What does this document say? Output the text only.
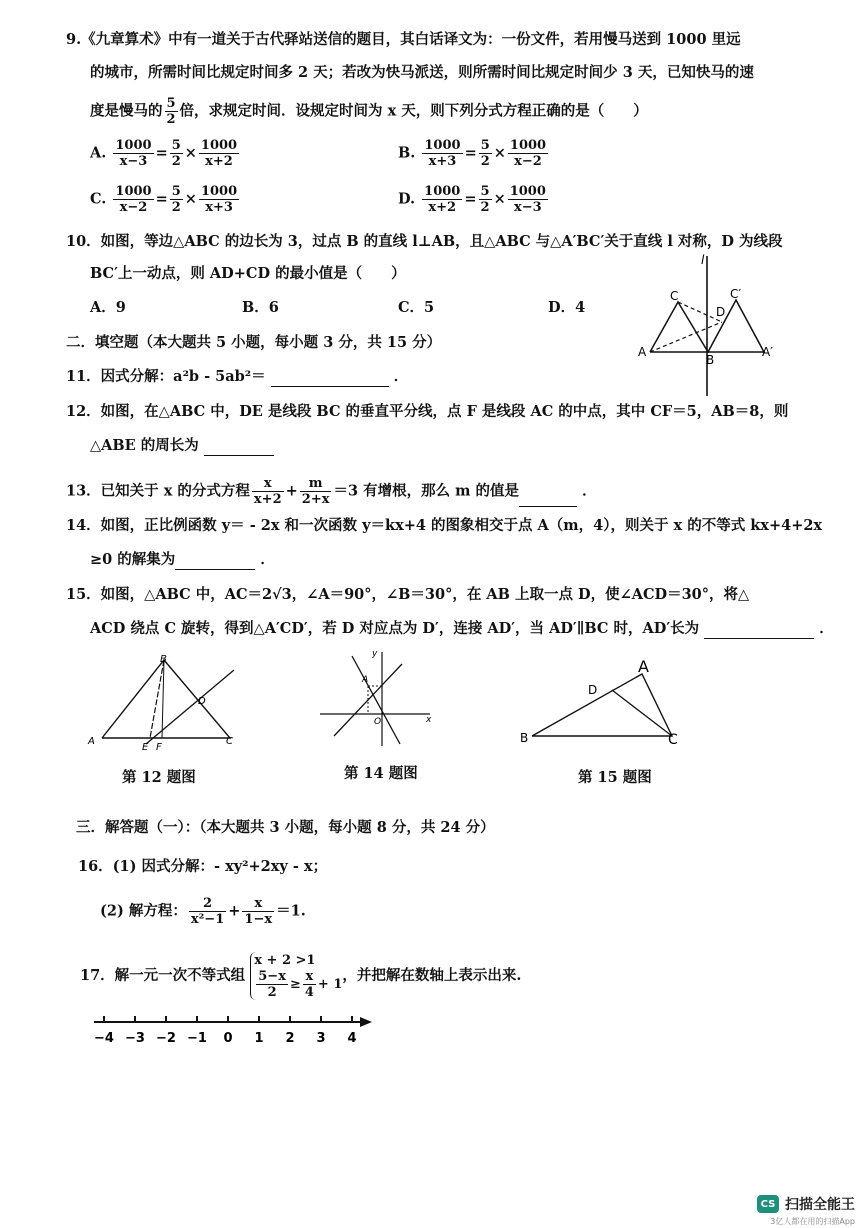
9.《九章算术》中有一道关于古代驿站送信的题目，其白话译文为：一份文件，若用慢马送到 1000 里远
的城市，所需时间比规定时间多 2 天；若改为快马派送，则所需时间比规定时间少 3 天，已知快马的速
度是慢马的 $\frac{5}{2}$ 倍，求规定时间．设规定时间为 x 天，则下列分式方程正确的是（　　）
A. $\frac{1000}{x-3} = \frac{5}{2} \times \frac{1000}{x+2}$	B. $\frac{1000}{x+3} = \frac{5}{2} \times \frac{1000}{x-2}$
C. $\frac{1000}{x-2} = \frac{5}{2} \times \frac{1000}{x+3}$	D. $\frac{1000}{x+2} = \frac{5}{2} \times \frac{1000}{x-3}$
10．如图，等边△ABC 的边长为 3，过点 B 的直线 l⊥AB，且△ABC 与△A′BC′关于直线 l 对称，D 为线段
BC′上一动点，则 AD+CD 的最小值是（　　）
A．9	B．6	C．5	D．4
l
C	C′
D
A
B
A′
二．填空题（本大题共 5 小题，每小题 3 分，共 15 分）
11．因式分解：a²b - 5ab²＝	．
12．如图，在△ABC 中，DE 是线段 BC 的垂直平分线，点 F 是线段 AC 的中点，其中 CF＝5，AB＝8，则
△ABE 的周长为
13．已知关于 x 的分式方程 $\frac{x}{x+2} + \frac{m}{2+x} =3$ 有增根，那么 m 的值是	．
14．如图，正比例函数 y＝ - 2x 和一次函数 y＝kx+4 的图象相交于点 A（m，4），则关于 x 的不等式 kx+4+2x
≥0 的解集为	．
15．如图，△ABC 中，AC＝2√3，∠A＝90°，∠B＝30°，在 AB 上取一点 D，使∠ACD＝30°，将△
ACD 绕点 C 旋转，得到△A′CD′，若 D 对应点为 D′，连接 AD′，当 AD′∥BC 时，AD′长为	．
B
D
A
E F
C
第 12 题图
y
A
O	x
第 14 题图
A
D
B	C
第 15 题图
三．解答题（一）：（本大题共 3 小题，每小题 8 分，共 24 分）
16．(1) 因式分解：- xy²+2xy - x；
(2) 解方程： $\frac{2}{\text{x²−1}} + \frac{x}{1-x} =1$.
17．解一元一次不等式组
x + 2 >1
$\frac{5-x}{2} \ge \frac{x}{4} + 1$
，并把解在数轴上表示出来.
−4 −3 −2 −1 0 1 2 3 4
CS 扫描全能王
3亿人都在用的扫描App
